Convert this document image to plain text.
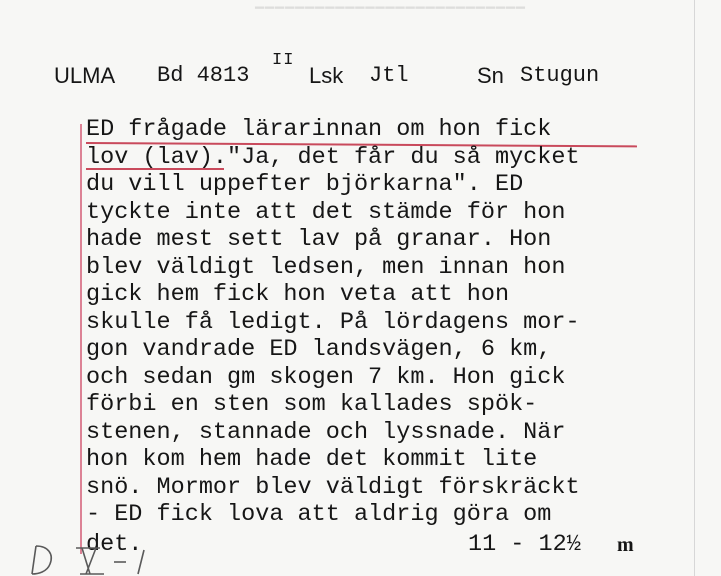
▁▁▁▁▁▁▁▁▁▁▁▁▁▁▁▁▁▁▁▁▁▁▁▁▁▁▁
ULMA Bd 4813
II
Lsk Jtl	Sn Stugun
ED frågade lärarinnan om hon fick
lov (lav)."Ja, det får du så mycket
du vill uppefter björkarna". ED
tyckte inte att det stämde för hon
hade mest sett lav på granar. Hon
blev väldigt ledsen, men innan hon
gick hem fick hon veta att hon
skulle få ledigt. På lördagens mor-
gon vandrade ED landsvägen, 6 km,
och sedan gm skogen 7 km. Hon gick
förbi en sten som kallades spök-
stenen, stannade och lyssnade. När
hon kom hem hade det kommit lite
snö. Mormor blev väldigt förskräckt
- ED fick lova att aldrig göra om
det.	11 - 12½ m
